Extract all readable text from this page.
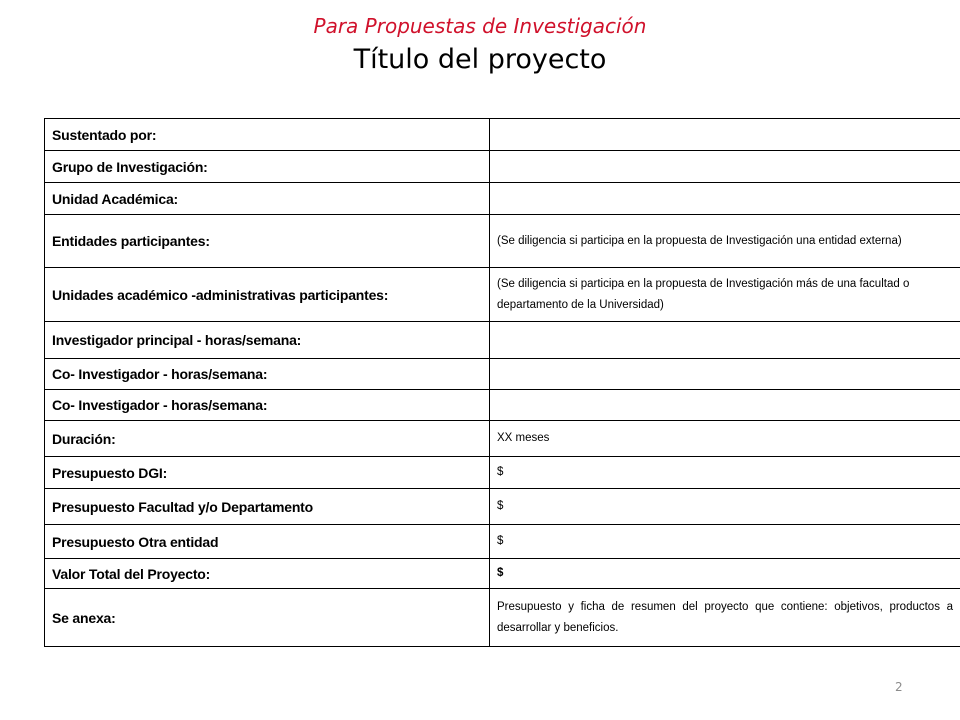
Para Propuestas de Investigación
Título del proyecto
Sustentado por:	
Grupo de Investigación:	
Unidad Académica:	
Entidades participantes:	(Se diligencia si participa en la propuesta de Investigación una entidad externa)
Unidades académico -administrativas participantes:	(Se diligencia si participa en la propuesta de Investigación más de una facultad o departamento de la Universidad)
Investigador principal - horas/semana:	
Co- Investigador - horas/semana:	
Co- Investigador - horas/semana:	
Duración:	XX meses
Presupuesto DGI:	$
Presupuesto Facultad y/o Departamento	$
Presupuesto Otra entidad	$
Valor Total del Proyecto:	$
Se anexa:	Presupuesto y ficha de resumen del proyecto que contiene: objetivos, productos a desarrollar y beneficios.
2
